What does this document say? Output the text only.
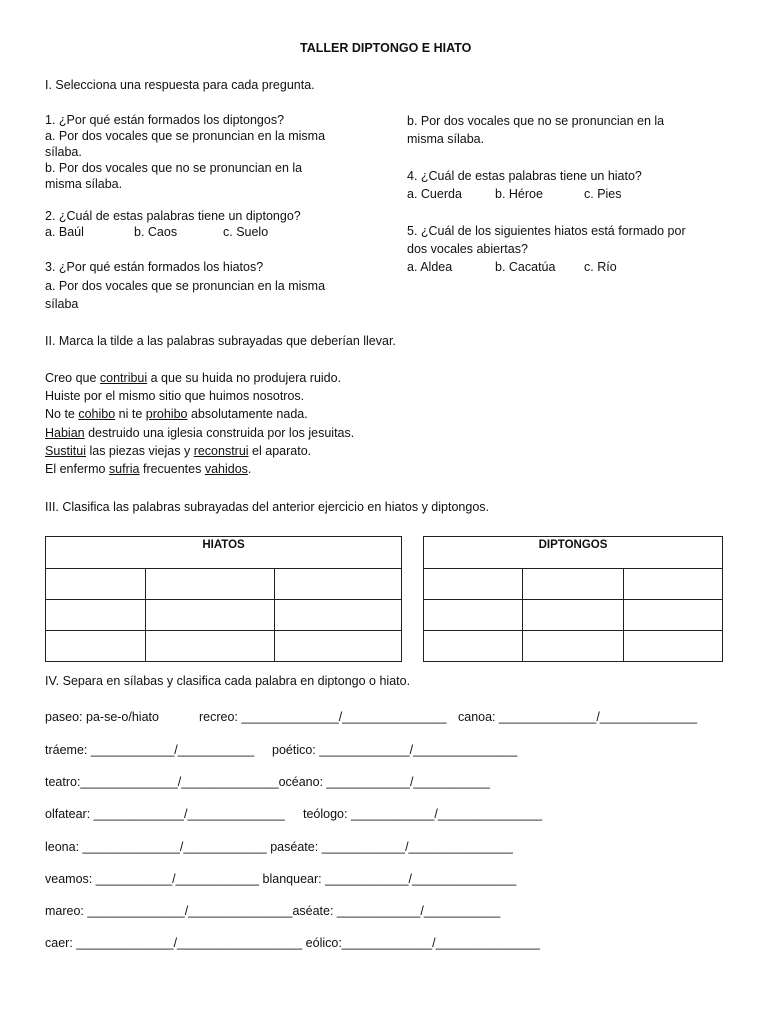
TALLER DIPTONGO E HIATO
I. Selecciona una respuesta para cada pregunta.
1. ¿Por qué están formados los diptongos?
a. Por dos vocales que se pronuncian en la misma
sílaba.
b. Por dos vocales que no se pronuncian en la
misma sílaba.
2. ¿Cuál de estas palabras tiene un diptongo?
a. Baúl	b. Caos	c. Suelo
3. ¿Por qué están formados los hiatos?
a. Por dos vocales que se pronuncian en la misma
sílaba
b. Por dos vocales que no se pronuncian en la
misma sílaba.
4. ¿Cuál de estas palabras tiene un hiato?
a. Cuerda	b. Héroe	c. Pies
5. ¿Cuál de los siguientes hiatos está formado por
dos vocales abiertas?
a. Aldea	b. Cacatúa c. Río
II. Marca la tilde a las palabras subrayadas que deberían llevar.
Creo que contribui a que su huida no produjera ruido.
Huiste por el mismo sitio que huimos nosotros.
No te cohibo ni te prohibo absolutamente nada.
Habian destruido una iglesia construida por los jesuitas.
Sustitui las piezas viejas y reconstrui el aparato.
El enfermo sufria frecuentes vahidos.
III. Clasifica las palabras subrayadas del anterior ejercicio en hiatos y diptongos.
HIATOS		

			DIPTONGOS		

IV. Separa en sílabas y clasifica cada palabra en diptongo o hiato.
paseo: pa-se-o/hiato	recreo: ______________/_______________ canoa: ______________/______________
tráeme: ____________/___________ poético: _____________/_______________
teatro:______________/______________océano: ____________/___________
olfatear: _____________/______________ teólogo: ____________/_______________
leona: ______________/____________ paséate: ____________/_______________
veamos: ___________/____________ blanquear: ____________/_______________
mareo: ______________/_______________aséate: ____________/___________
caer: ______________/__________________ eólico:_____________/_______________
